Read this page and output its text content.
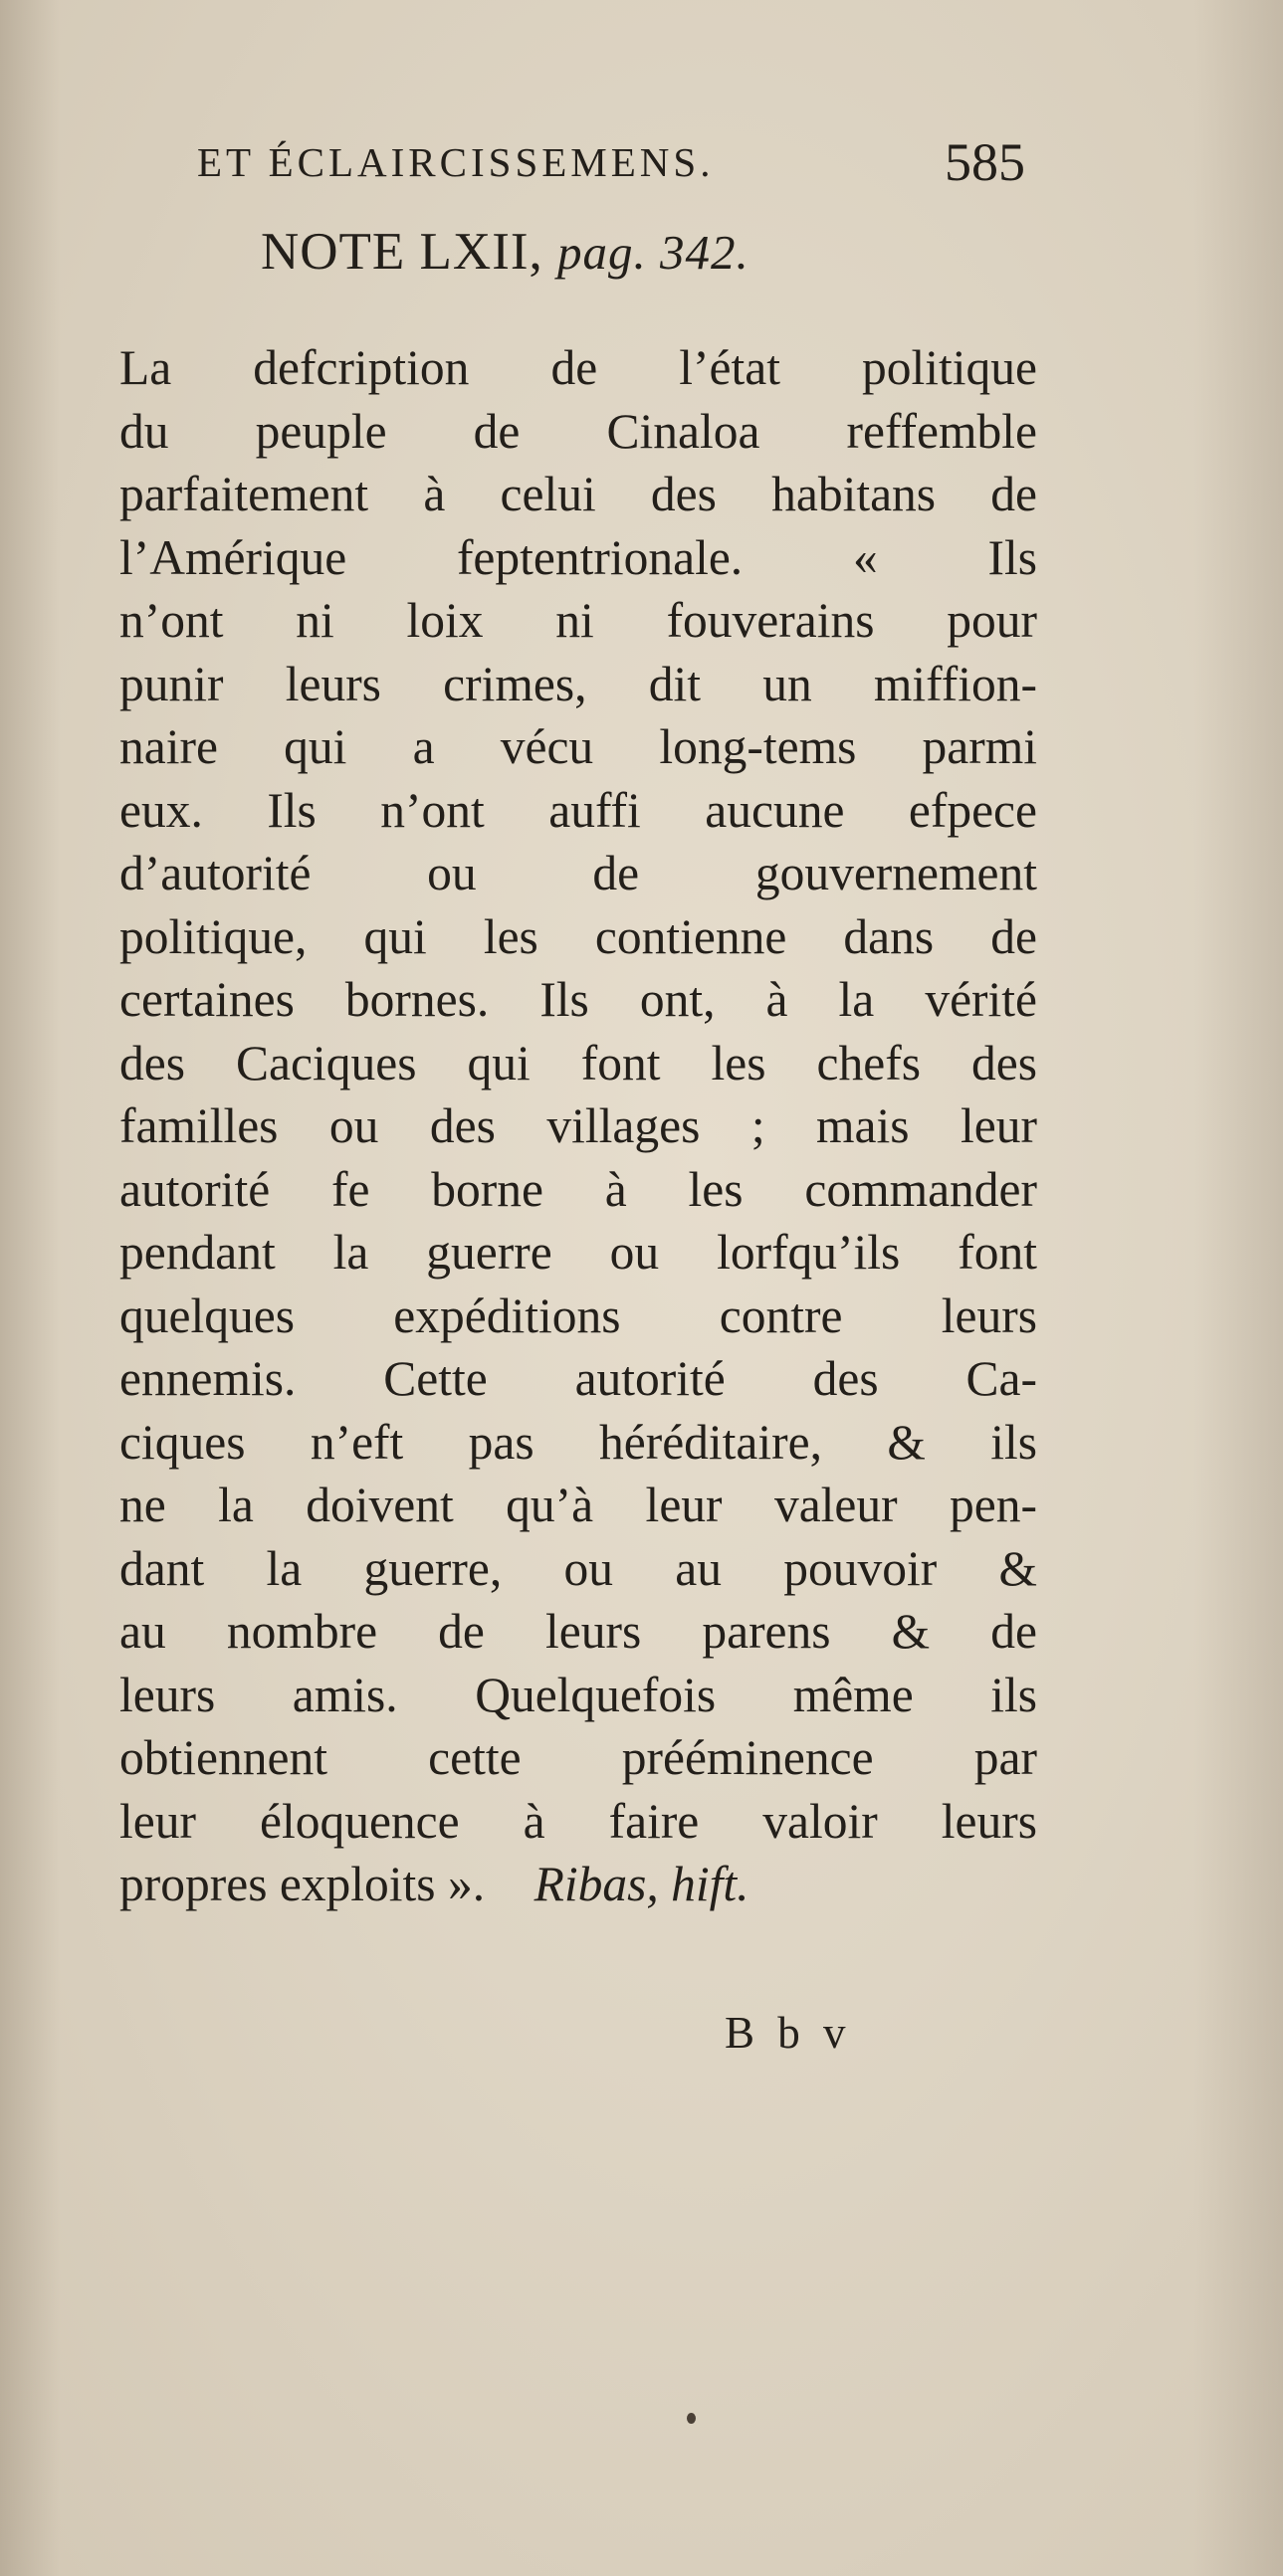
ET ÉCLAIRCISSEMENS.	585
NOTE LXII, pag. 342.
La defcription de l’état politique
du peuple de Cinaloa reffemble
parfaitement à celui des habitans de
l’Amérique feptentrionale. « Ils
n’ont ni loix ni fouverains pour
punir leurs crimes, dit un miffion-
naire qui a vécu long-tems parmi
eux. Ils n’ont auffi aucune efpece
d’autorité ou de gouvernement
politique, qui les contienne dans de
certaines bornes. Ils ont, à la vérité
des Caciques qui font les chefs des
familles ou des villages ; mais leur
autorité fe borne à les commander
pendant la guerre ou lorfqu’ils font
quelques expéditions contre leurs
ennemis. Cette autorité des Ca-
ciques n’eft pas héréditaire, & ils
ne la doivent qu’à leur valeur pen-
dant la guerre, ou au pouvoir &
au nombre de leurs parens & de
leurs amis. Quelquefois même ils
obtiennent cette prééminence par
leur éloquence à faire valoir leurs
propres exploits ». Ribas, hift.
B b v
